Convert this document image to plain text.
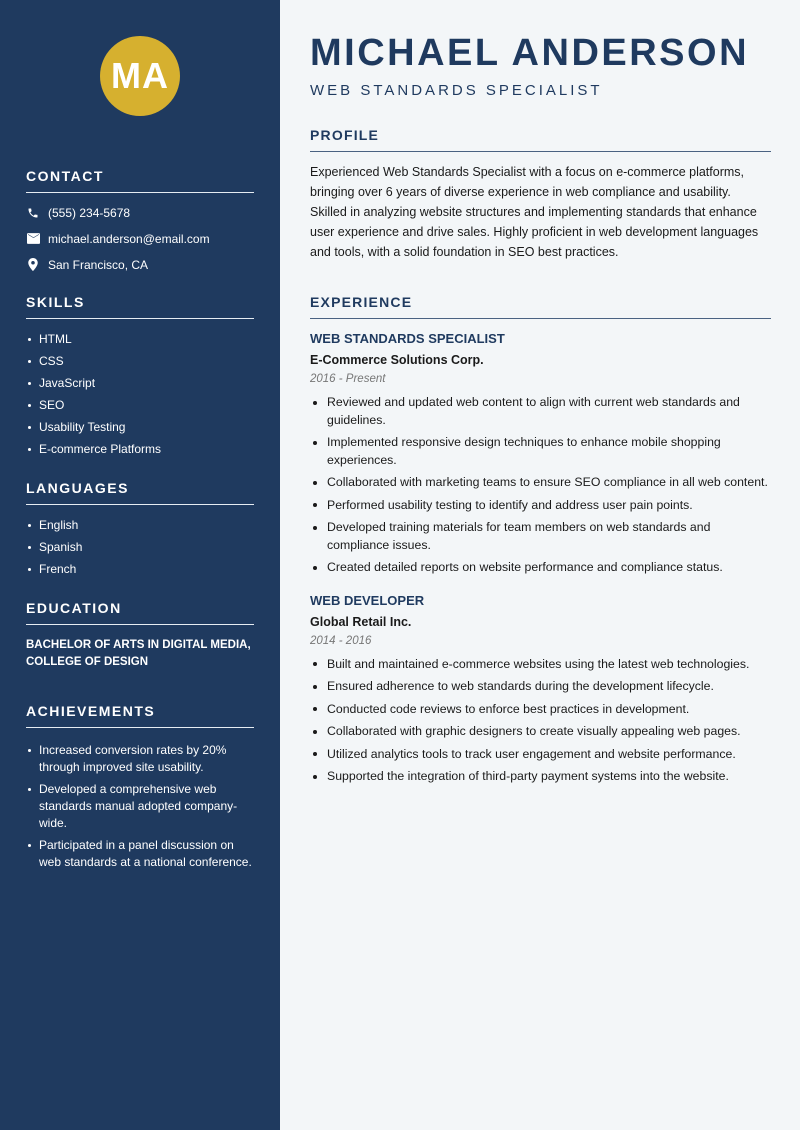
MA
CONTACT
(555) 234-5678
michael.anderson@email.com
San Francisco, CA
SKILLS
HTML
CSS
JavaScript
SEO
Usability Testing
E-commerce Platforms
LANGUAGES
English
Spanish
French
EDUCATION
BACHELOR OF ARTS IN DIGITAL MEDIA, COLLEGE OF DESIGN
ACHIEVEMENTS
Increased conversion rates by 20% through improved site usability.
Developed a comprehensive web standards manual adopted company-wide.
Participated in a panel discussion on web standards at a national conference.
MICHAEL ANDERSON
WEB STANDARDS SPECIALIST
PROFILE

Experienced Web Standards Specialist with a focus on e-commerce platforms, bringing over 6 years of diverse experience in web compliance and usability. Skilled in analyzing website structures and implementing standards that enhance user experience and drive sales. Highly proficient in web development languages and tools, with a solid foundation in SEO best practices.

EXPERIENCE
WEB STANDARDS SPECIALIST
E-Commerce Solutions Corp.
2016 - Present
Reviewed and updated web content to align with current web standards and guidelines.
Implemented responsive design techniques to enhance mobile shopping experiences.
Collaborated with marketing teams to ensure SEO compliance in all web content.
Performed usability testing to identify and address user pain points.
Developed training materials for team members on web standards and compliance issues.
Created detailed reports on website performance and compliance status.
WEB DEVELOPER
Global Retail Inc.
2014 - 2016
Built and maintained e-commerce websites using the latest web technologies.
Ensured adherence to web standards during the development lifecycle.
Conducted code reviews to enforce best practices in development.
Collaborated with graphic designers to create visually appealing web pages.
Utilized analytics tools to track user engagement and website performance.
Supported the integration of third-party payment systems into the website.
